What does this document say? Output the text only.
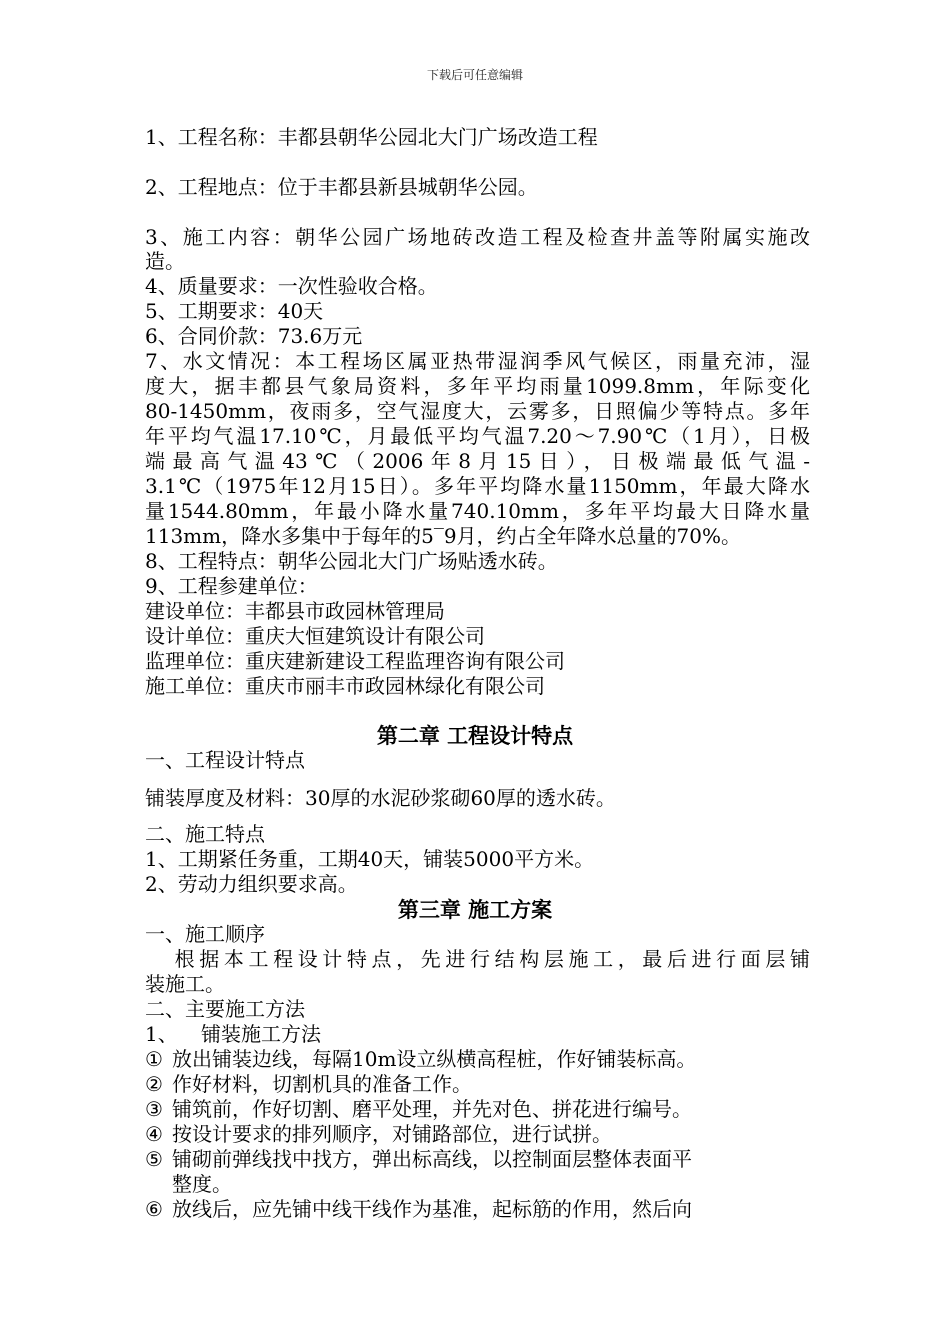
下载后可任意编辑
1、工程名称：丰都县朝华公园北大门广场改造工程
2、工程地点：位于丰都县新县城朝华公园。
3、施工内容：朝华公园广场地砖改造工程及检查井盖等附属实施改
造。
4、质量要求：一次性验收合格。
5、工期要求：40天
6、合同价款：73.6万元
7、水文情况：本工程场区属亚热带湿润季风气候区，雨量充沛，湿
度大，据丰都县气象局资料，多年平均雨量1099.8mm，年际变化
80-1450mm，夜雨多，空气湿度大，云雾多，日照偏少等特点。多年
年平均气温17.10℃，月最低平均气温7.20～7.90℃（1月），日极
端最高气温43℃（2006年8月15日），日极端最低气温-
3.1℃（1975年12月15日）。多年平均降水量1150mm，年最大降水
量1544.80mm，年最小降水量740.10mm，多年平均最大日降水量
113mm，降水多集中于每年的5‾9月，约占全年降水总量的70%。
8、工程特点：朝华公园北大门广场贴透水砖。
9、工程参建单位：
建设单位：丰都县市政园林管理局
设计单位：重庆大恒建筑设计有限公司
监理单位：重庆建新建设工程监理咨询有限公司
施工单位：重庆市丽丰市政园林绿化有限公司
第二章 工程设计特点
一、工程设计特点
铺装厚度及材料：30厚的水泥砂浆砌60厚的透水砖。
二、施工特点
1、工期紧任务重，工期40天，铺装5000平方米。
2、劳动力组织要求高。
第三章 施工方案
一、施工顺序
根据本工程设计特点，先进行结构层施工，最后进行面层铺
装施工。
二、主要施工方法
1、 铺装施工方法
① 放出铺装边线，每隔10m设立纵横高程桩，作好铺装标高。
② 作好材料，切割机具的准备工作。
③ 铺筑前，作好切割、磨平处理，并先对色、拼花进行编号。
④ 按设计要求的排列顺序，对铺路部位，进行试拼。
⑤ 铺砌前弹线找中找方，弹出标高线，以控制面层整体表面平
整度。
⑥ 放线后，应先铺中线干线作为基准，起标筋的作用，然后向
